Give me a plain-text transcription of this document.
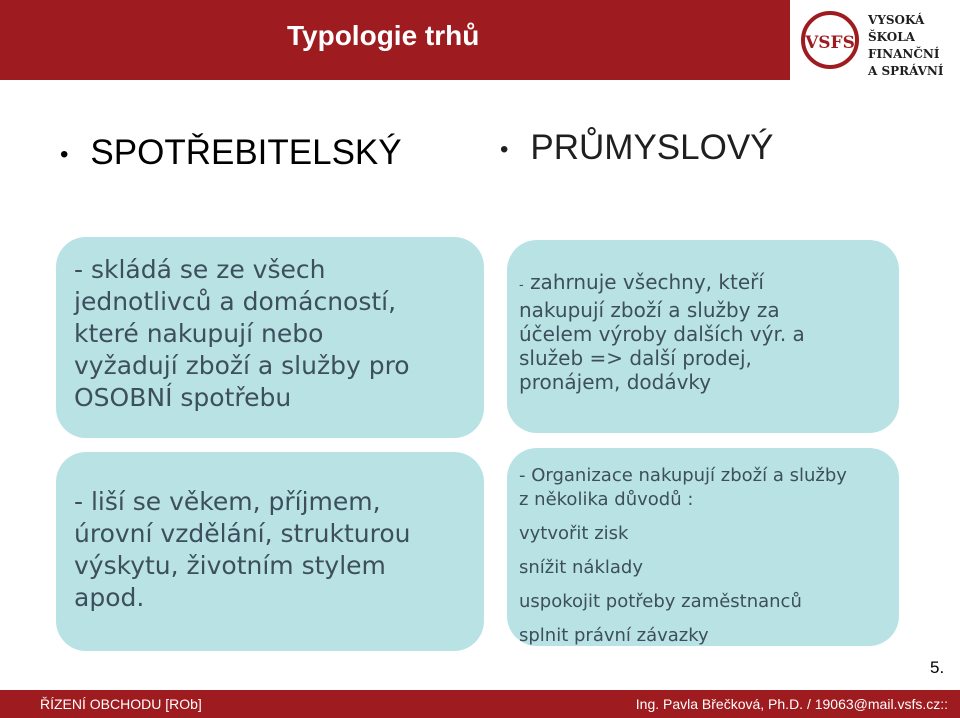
Typologie trhů	VSFS
VYSOKÁ ŠKOLA
FINANČNÍ
A SPRÁVNÍ
• SPOTŘEBITELSKÝ	• PRŮMYSLOVÝ
- skládá se ze všech
jednotlivců a domácností,
které nakupují nebo
vyžadují zboží a služby pro
OSOBNÍ spotřebu
- zahrnuje všechny, kteří
nakupují zboží a služby za
účelem výroby dalších výr. a
služeb => další prodej,
pronájem, dodávky
- liší se věkem, příjmem,
úrovní vzdělání, strukturou
výskytu, životním stylem
apod.
- Organizace nakupují zboží a služby
z několika důvodů :
vytvořit zisk
snížit náklady
uspokojit potřeby zaměstnanců
splnit právní závazky
5.
ŘÍZENÍ OBCHODU [ROb]	Ing. Pavla Břečková, Ph.D. / 19063@mail.vsfs.cz::
